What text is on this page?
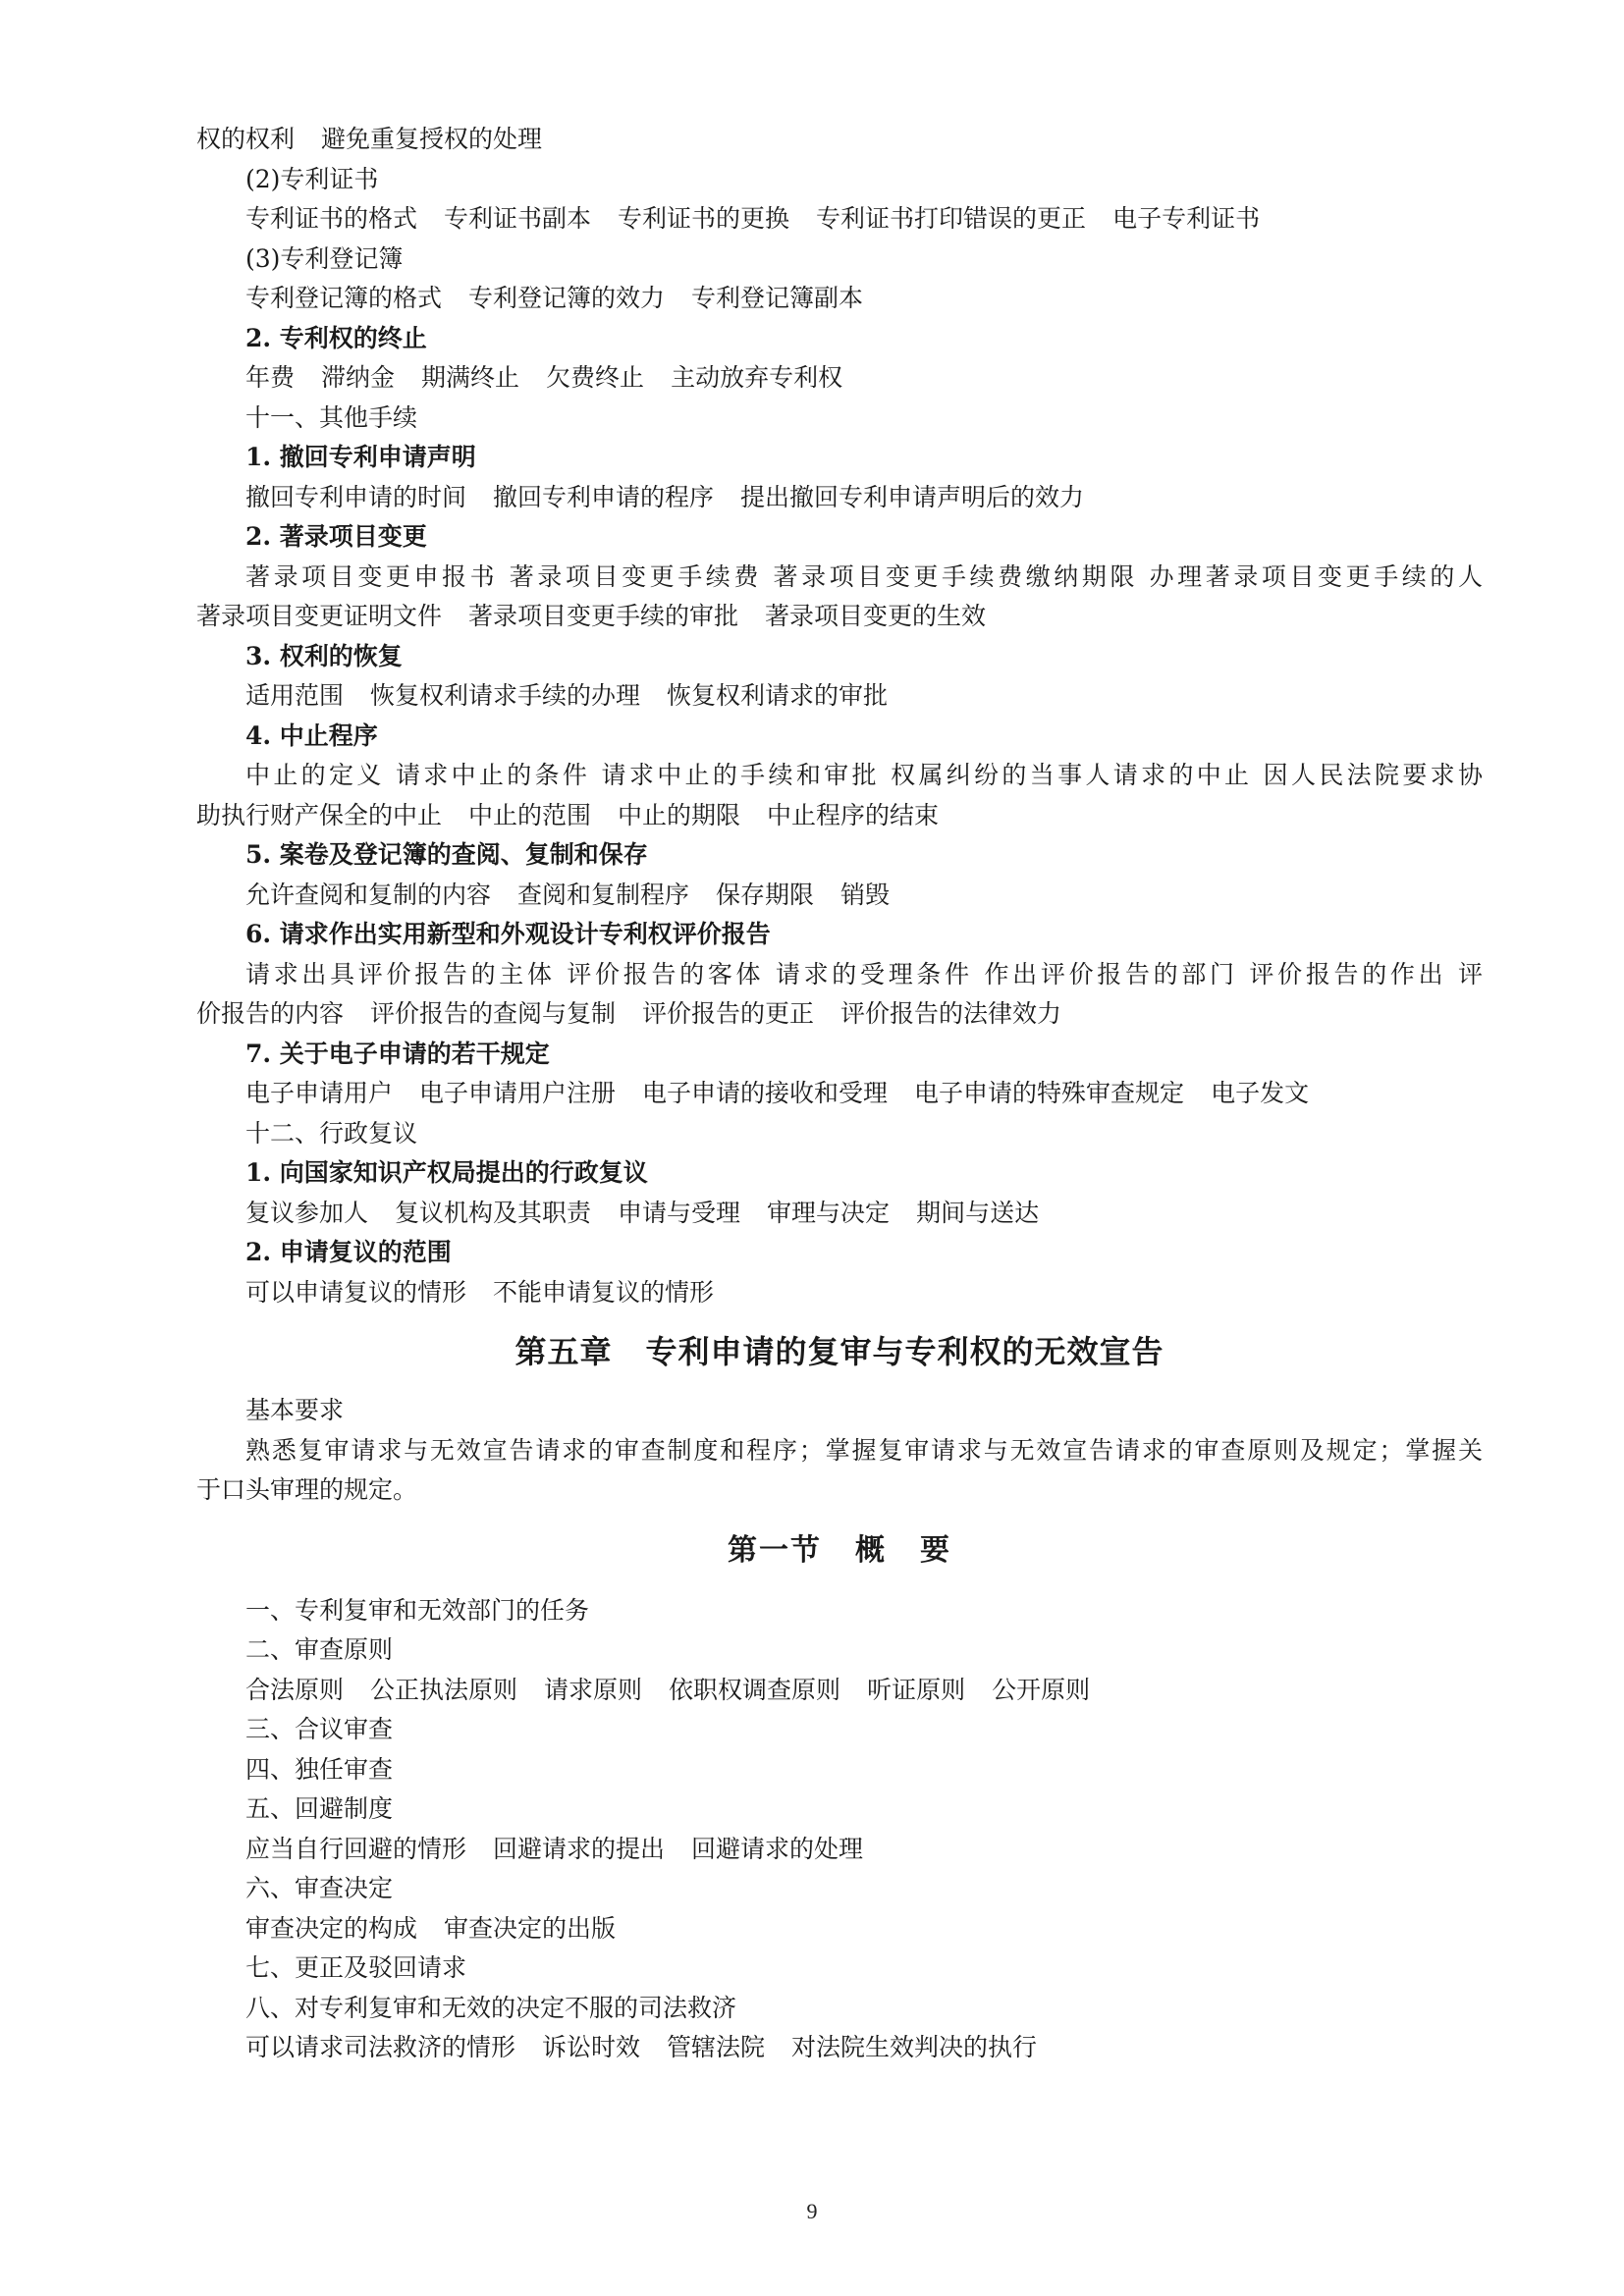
权的权利 避免重复授权的处理
(2)专利证书
专利证书的格式 专利证书副本 专利证书的更换 专利证书打印错误的更正 电子专利证书
(3)专利登记簿
专利登记簿的格式 专利登记簿的效力 专利登记簿副本
2. 专利权的终止
年费 滞纳金 期满终止 欠费终止 主动放弃专利权
十一、其他手续
1. 撤回专利申请声明
撤回专利申请的时间 撤回专利申请的程序 提出撤回专利申请声明后的效力
2. 著录项目变更
著录项目变更申报书 著录项目变更手续费 著录项目变更手续费缴纳期限 办理著录项目变更手续的人
著录项目变更证明文件 著录项目变更手续的审批 著录项目变更的生效
3. 权利的恢复
适用范围 恢复权利请求手续的办理 恢复权利请求的审批
4. 中止程序
中止的定义 请求中止的条件 请求中止的手续和审批 权属纠纷的当事人请求的中止 因人民法院要求协
助执行财产保全的中止 中止的范围 中止的期限 中止程序的结束
5. 案卷及登记簿的查阅、复制和保存
允许查阅和复制的内容 查阅和复制程序 保存期限 销毁
6. 请求作出实用新型和外观设计专利权评价报告
请求出具评价报告的主体 评价报告的客体 请求的受理条件 作出评价报告的部门 评价报告的作出 评
价报告的内容 评价报告的查阅与复制 评价报告的更正 评价报告的法律效力
7. 关于电子申请的若干规定
电子申请用户 电子申请用户注册 电子申请的接收和受理 电子申请的特殊审查规定 电子发文
十二、行政复议
1. 向国家知识产权局提出的行政复议
复议参加人 复议机构及其职责 申请与受理 审理与决定 期间与送达
2. 申请复议的范围
可以申请复议的情形 不能申请复议的情形
第五章 专利申请的复审与专利权的无效宣告
基本要求
熟悉复审请求与无效宣告请求的审查制度和程序；掌握复审请求与无效宣告请求的审查原则及规定；掌握关
于口头审理的规定。
第一节 概 要
一、专利复审和无效部门的任务
二、审查原则
合法原则 公正执法原则 请求原则 依职权调查原则 听证原则 公开原则
三、合议审查
四、独任审查
五、回避制度
应当自行回避的情形 回避请求的提出 回避请求的处理
六、审查决定
审查决定的构成 审查决定的出版
七、更正及驳回请求
八、对专利复审和无效的决定不服的司法救济
可以请求司法救济的情形 诉讼时效 管辖法院 对法院生效判决的执行
9
